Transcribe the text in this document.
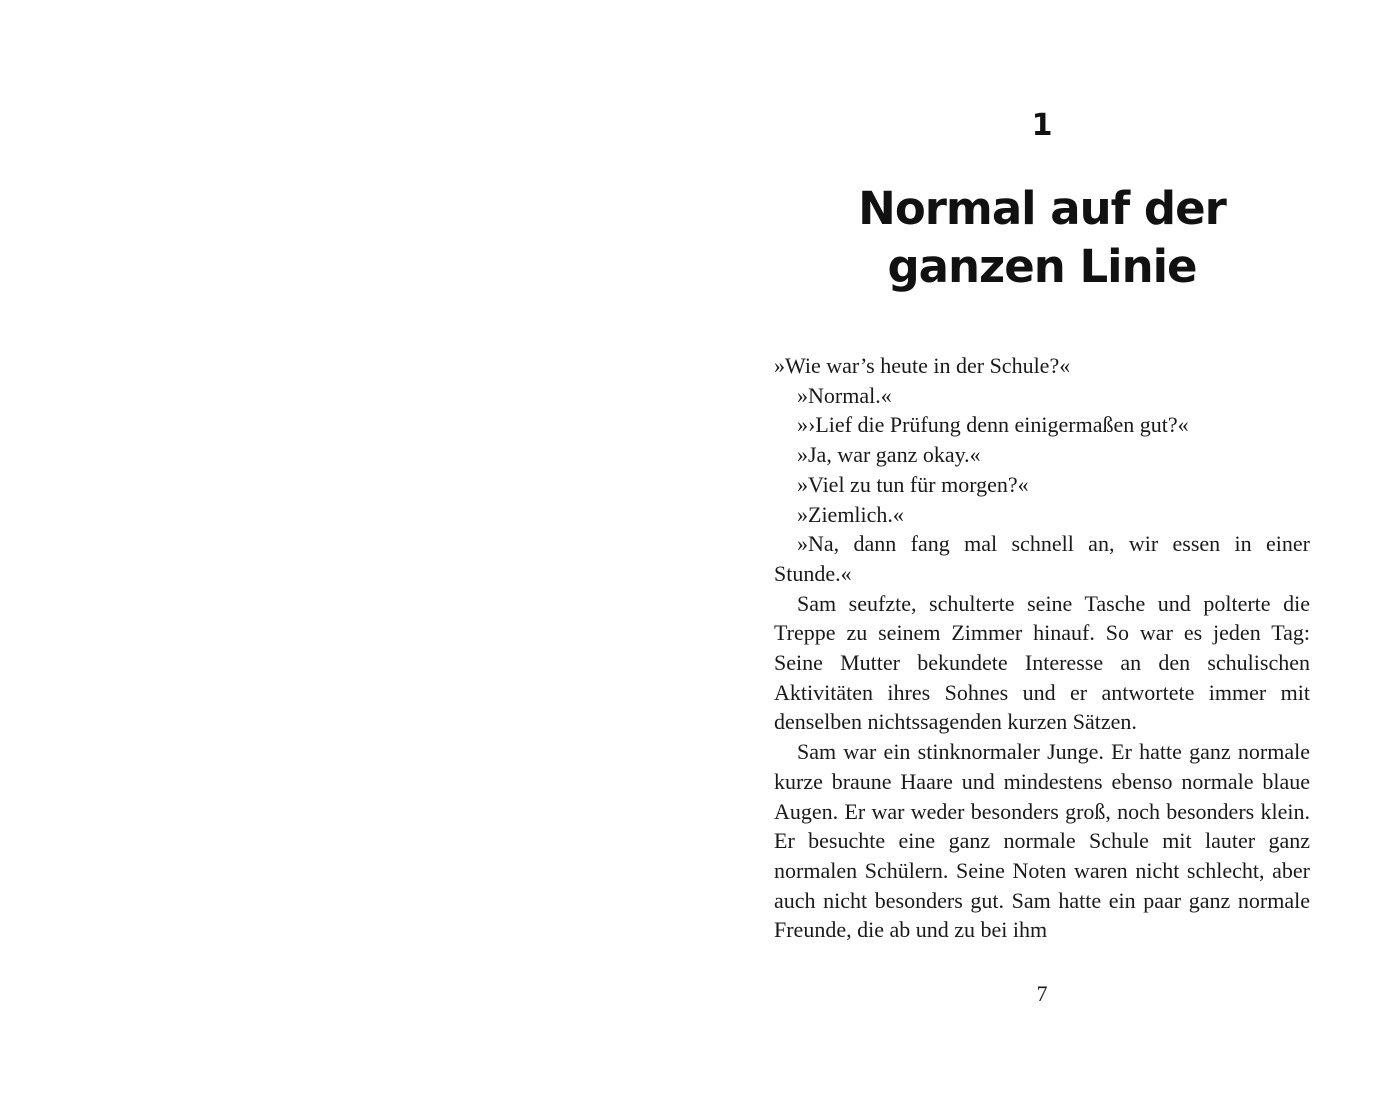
1
Normal auf der
ganzen Linie

»Wie war’s heute in der Schule?«

»Normal.«

»›Lief die Prüfung denn einigermaßen gut?«

»Ja, war ganz okay.«

»Viel zu tun für morgen?«

»Ziemlich.«

»Na, dann fang mal schnell an, wir essen in einer Stunde.«

Sam seufzte, schulterte seine Tasche und polterte die Treppe zu seinem Zimmer hinauf. So war es jeden Tag: Seine Mutter bekundete Interesse an den schulischen Aktivitäten ihres Sohnes und er antwortete immer mit denselben nichtssagenden kurzen Sätzen.

Sam war ein stinknormaler Junge. Er hatte ganz normale kurze braune Haare und mindestens ebenso normale blaue Augen. Er war weder besonders groß, noch besonders klein. Er besuchte eine ganz normale Schule mit lauter ganz normalen Schülern. Seine Noten waren nicht schlecht, aber auch nicht besonders gut. Sam hatte ein paar ganz normale Freunde, die ab und zu bei ihm

7
